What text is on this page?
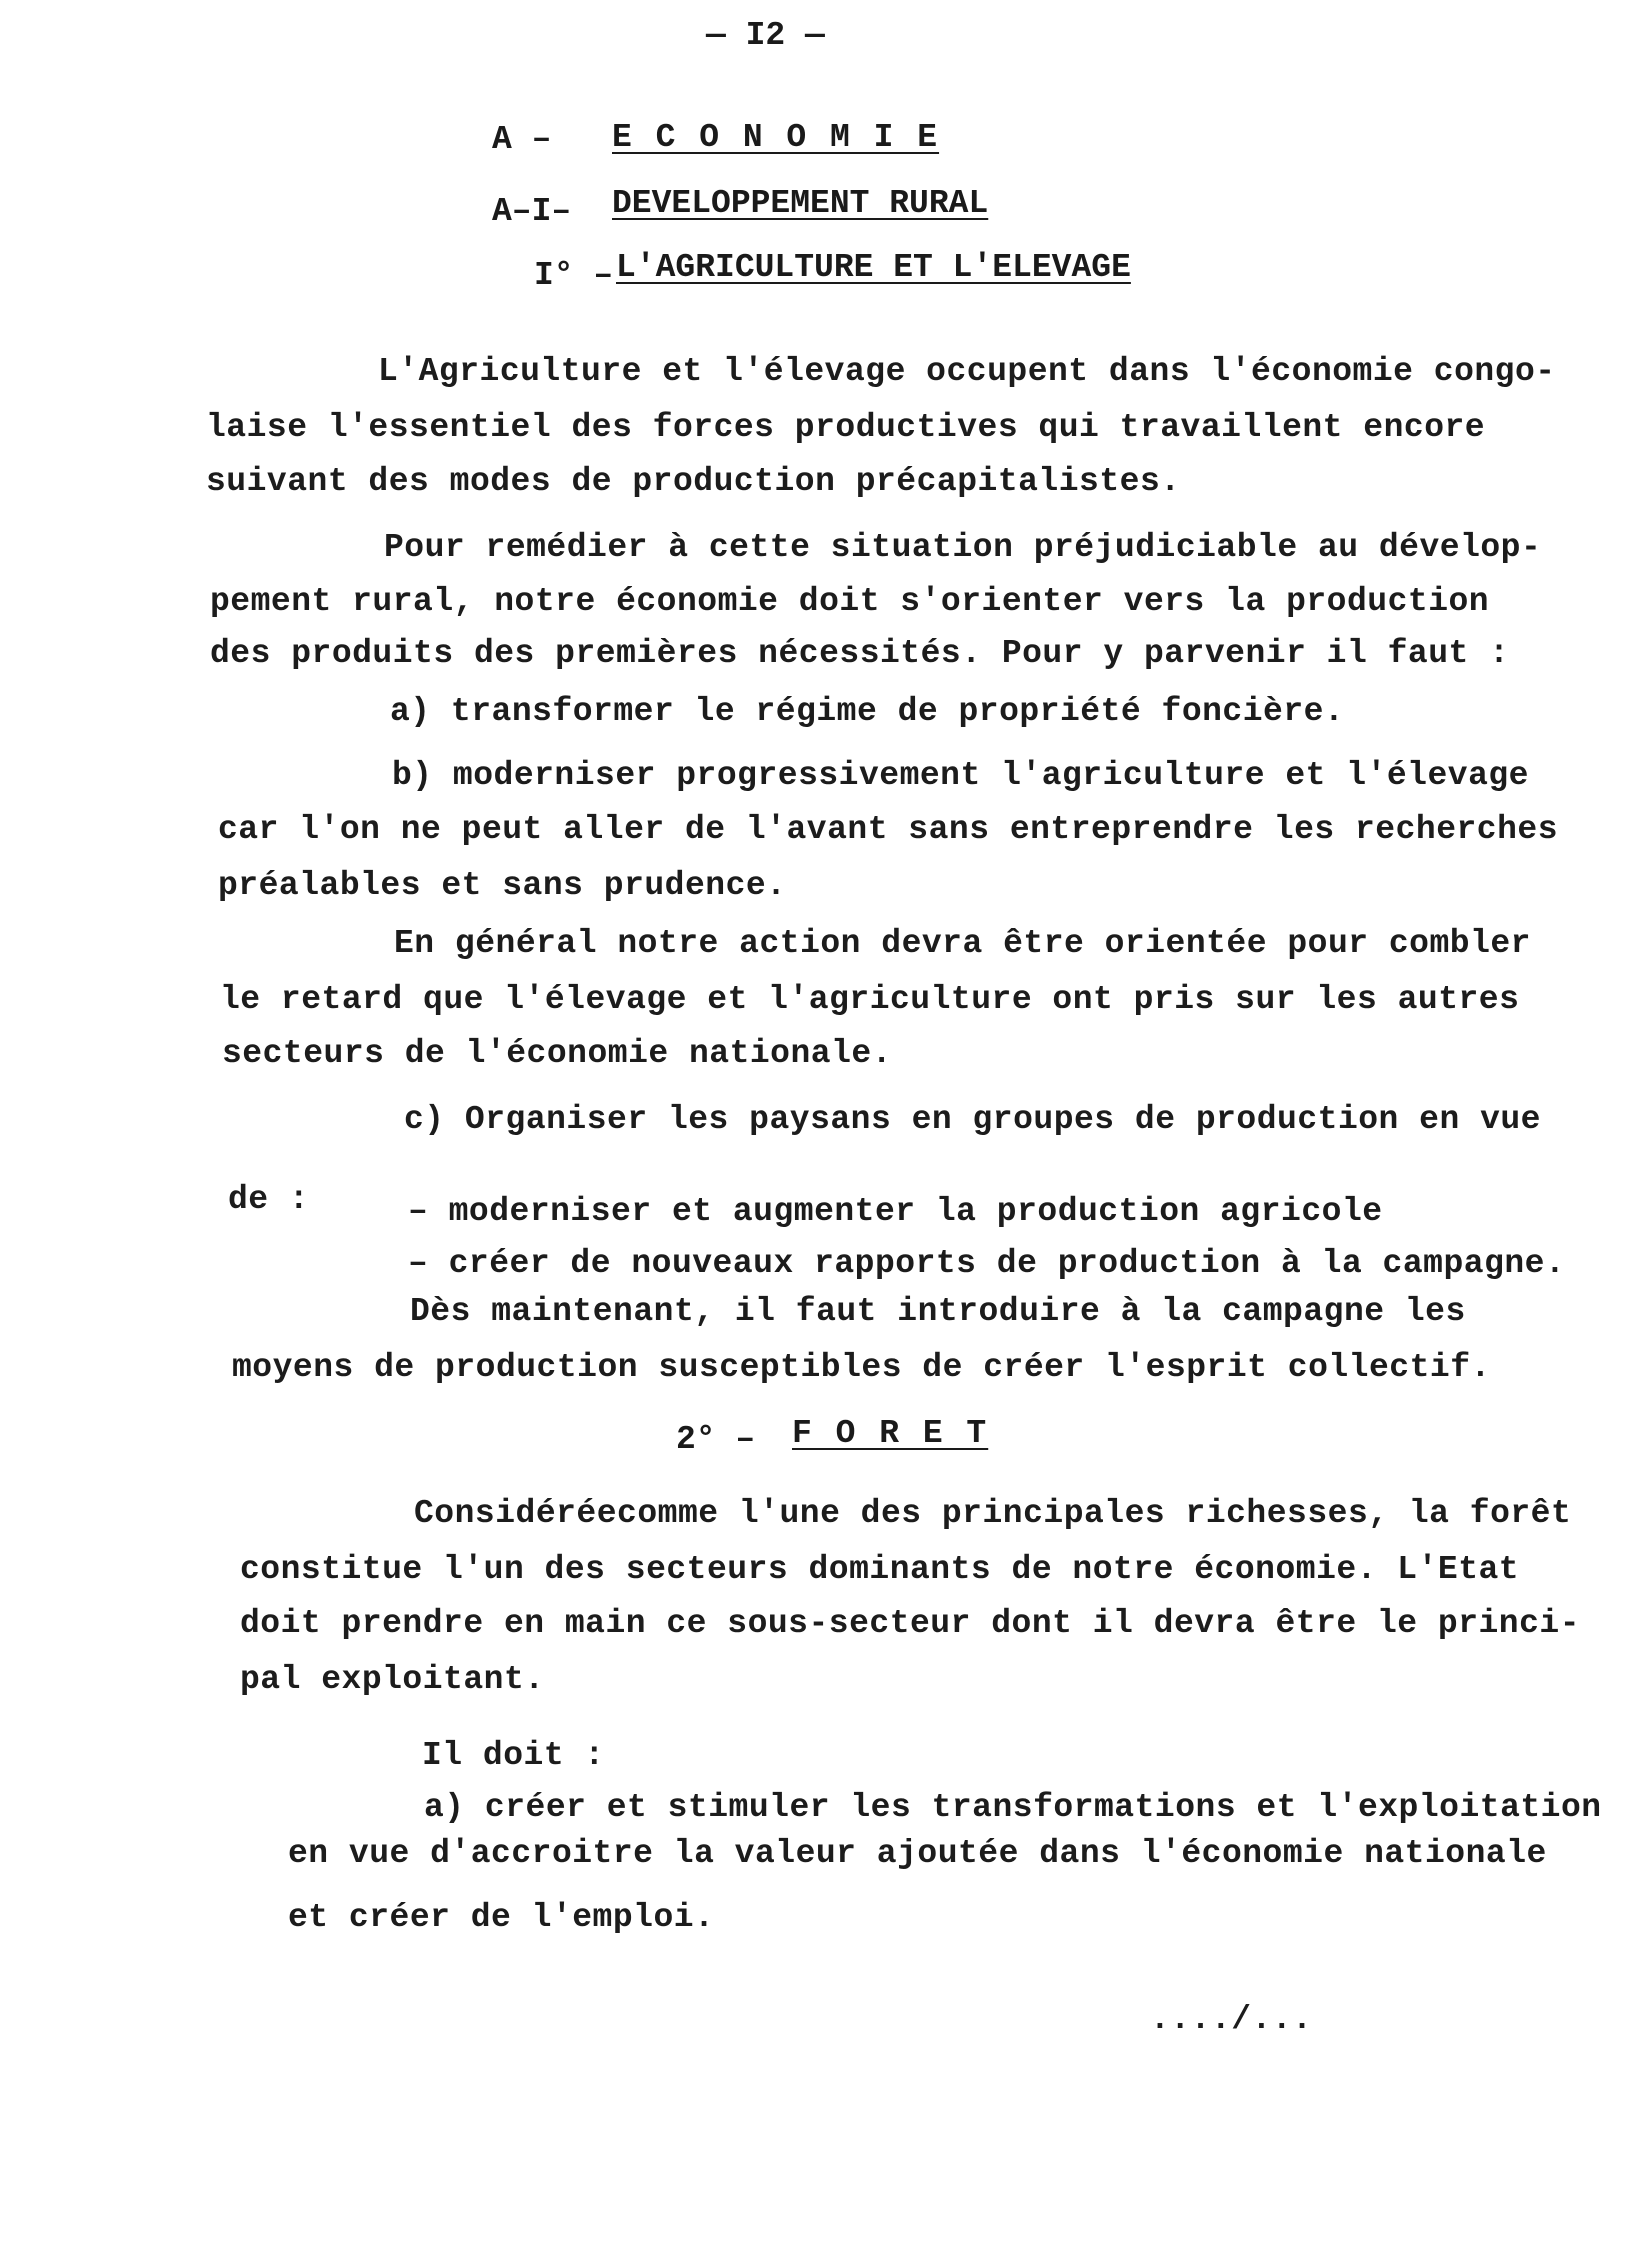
— I2 —
A – E C O N O M I E
A–I– DEVELOPPEMENT RURAL
I° – L'AGRICULTURE ET L'ELEVAGE
L'Agriculture et l'élevage occupent dans l'économie congo-
laise l'essentiel des forces productives qui travaillent encore
suivant des modes de production précapitalistes.
Pour remédier à cette situation préjudiciable au dévelop-
pement rural, notre économie doit s'orienter vers la production
des produits des premières nécessités. Pour y parvenir il faut :
a) transformer le régime de propriété foncière.
b) moderniser progressivement l'agriculture et l'élevage
car l'on ne peut aller de l'avant sans entreprendre les recherches
préalables et sans prudence.
En général notre action devra être orientée pour combler
le retard que l'élevage et l'agriculture ont pris sur les autres
secteurs de l'économie nationale.
c) Organiser les paysans en groupes de production en vue
de :	– moderniser et augmenter la production agricole
– créer de nouveaux rapports de production à la campagne.
Dès maintenant, il faut introduire à la campagne les
moyens de production susceptibles de créer l'esprit collectif.
2° – F O R E T
Considéréecomme l'une des principales richesses, la forêt
constitue l'un des secteurs dominants de notre économie. L'Etat
doit prendre en main ce sous-secteur dont il devra être le princi-
pal exploitant.
Il doit :
a) créer et stimuler les transformations et l'exploitation
en vue d'accroitre la valeur ajoutée dans l'économie nationale
et créer de l'emploi.
..../...
